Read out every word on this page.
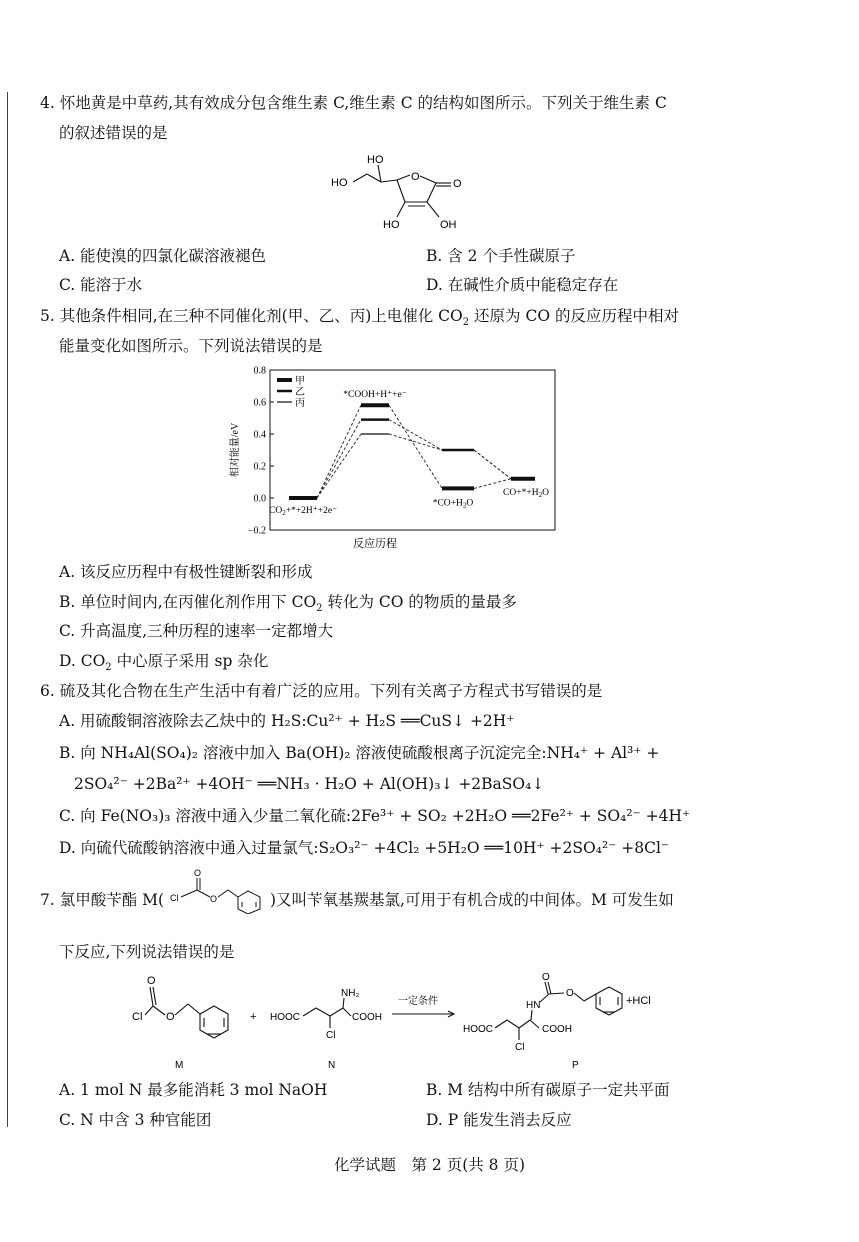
4. 怀地黄是中草药,其有效成分包含维生素 C,维生素 C 的结构如图所示。下列关于维生素 C
的叙述错误的是
HO
HO	O
O
HO	OH
A. 能使溴的四氯化碳溶液褪色	B. 含 2 个手性碳原子
C. 能溶于水	D. 在碱性介质中能稳定存在
5. 其他条件相同,在三种不同催化剂(甲、乙、丙)上电催化 $CO_2$ 还原为 CO 的反应历程中相对
能量变化如图所示。下列说法错误的是
0.8
0.6
0.4
0.2
0.0
−0.2
相对能量/eV
反应历程
甲
乙
丙
$CO_2+*+2H^++2e^-$
*COOH+H⁺+e⁻
$*CO+H_2O$
$CO+*+H_2O$
A. 该反应历程中有极性键断裂和形成
B. 单位时间内,在丙催化剂作用下 $CO_2$ 转化为 CO 的物质的量最多
C. 升高温度,三种历程的速率一定都增大
D. $CO_2$ 中心原子采用 sp 杂化
6. 硫及其化合物在生产生活中有着广泛的应用。下列有关离子方程式书写错误的是
A. 用硫酸铜溶液除去乙炔中的 H₂S:Cu²⁺ + H₂S ══CuS↓ +2H⁺
B. 向 NH₄Al(SO₄)₂ 溶液中加入 Ba(OH)₂ 溶液使硫酸根离子沉淀完全:NH₄⁺ + Al³⁺ +
2SO₄²⁻ +2Ba²⁺ +4OH⁻ ══NH₃ · H₂O + Al(OH)₃↓ +2BaSO₄↓
C. 向 Fe(NO₃)₃ 溶液中通入少量二氧化硫:2Fe³⁺ + SO₂ +2H₂O ══2Fe²⁺ + SO₄²⁻ +4H⁺
D. 向硫代硫酸钠溶液中通入过量氯气:S₂O₃²⁻ +4Cl₂ +5H₂O ══10H⁺ +2SO₄²⁻ +8Cl⁻
7. 氯甲酸苄酯 M( Cl
O
O	)又叫苄氧基羰基氯,可用于有机合成的中间体。M 可发生如
下反应,下列说法错误的是
Cl
O
O
M
+
NH₂
HOOC	COOH
Cl
N
一定条件
O
HN
O
HOOC	COOH
Cl
+HCl
P
A. 1 mol N 最多能消耗 3 mol NaOH	B. M 结构中所有碳原子一定共平面
C. N 中含 3 种官能团	D. P 能发生消去反应
化学试题　第 2 页(共 8 页)
